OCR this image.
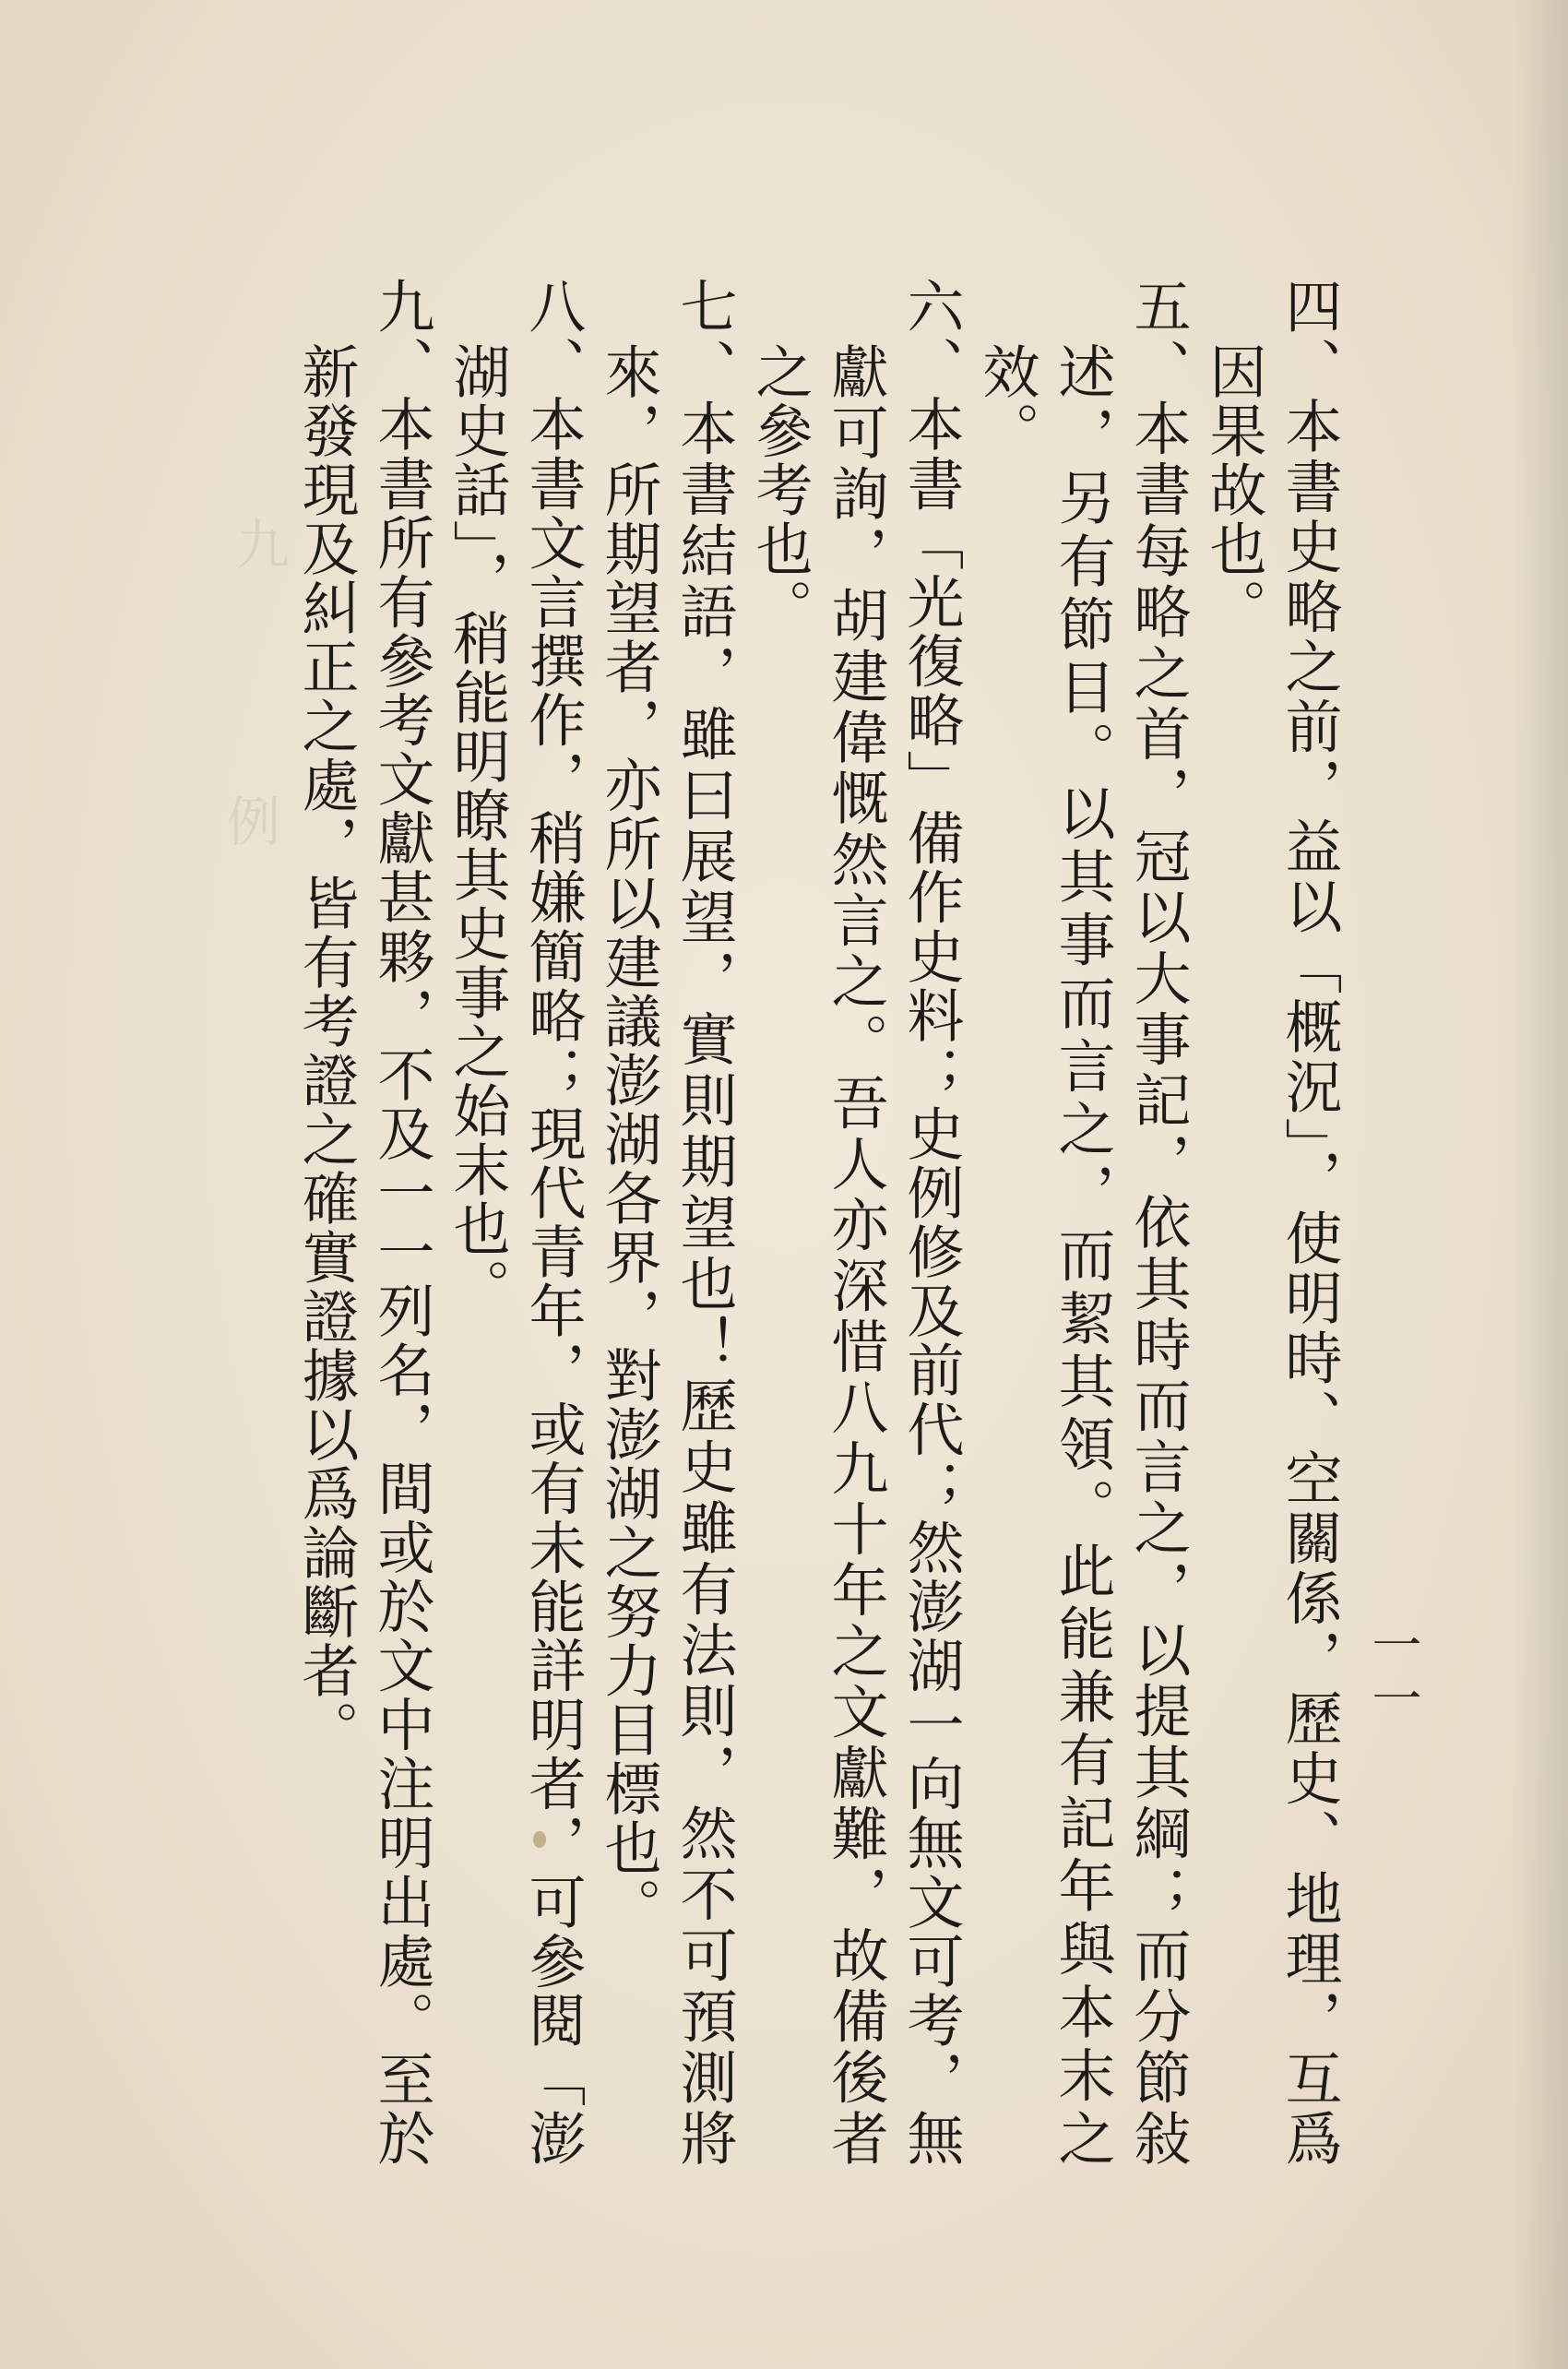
九
例
一一

四、本書史略之前，益以「概況」，使明時、空關係，歷史、地理，互爲因果故也。

五、本書每略之首，冠以大事記，依其時而言之，以提其綱；而分節敍述，另有節目。以其事而言之，而絜其領。此能兼有記年與本末之效。

六、本書「光復略」備作史料；史例修及前代；然澎湖一向無文可考，無獻可詢，胡建偉慨然言之。吾人亦深惜八九十年之文獻難，故備後者之參考也。

七、本書結語，雖曰展望，實則期望也！歷史雖有法則，然不可預測將來，所期望者，亦所以建議澎湖各界，對澎湖之努力目標也。

八、本書文言撰作，稍嫌簡略；現代青年，或有未能詳明者，可參閱「澎湖史話」，稍能明瞭其史事之始末也。

九、本書所有參考文獻甚夥，不及一一列名，間或於文中注明出處。至於新發現及糾正之處，皆有考證之確實證據以爲論斷者。
